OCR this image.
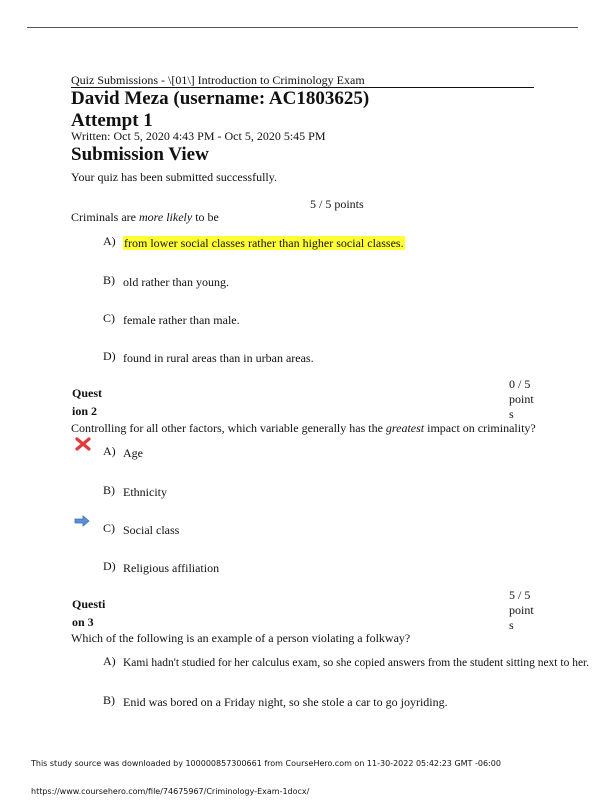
Quiz Submissions - \[01\] Introduction to Criminology Exam
David Meza (username: AC1803625)
Attempt 1
Written: Oct 5, 2020 4:43 PM - Oct 5, 2020 5:45 PM
Submission View
Your quiz has been submitted successfully.
5 / 5 points
Criminals are more likely to be
A) from lower social classes rather than higher social classes.
B) old rather than young.
C) female rather than male.
D) found in rural areas than in urban areas.
Quest
ion 2
0 / 5
point
s
Controlling for all other factors, which variable generally has the greatest impact on criminality?
A) Age
B) Ethnicity
C) Social class
D) Religious affiliation
Questi
on 3
5 / 5
point
s
Which of the following is an example of a person violating a folkway?
A) Kami hadn't studied for her calculus exam, so she copied answers from the student sitting next to her.
B) Enid was bored on a Friday night, so she stole a car to go joyriding.
This study source was downloaded by 100000857300661 from CourseHero.com on 11-30-2022 05:42:23 GMT -06:00
https://www.coursehero.com/file/74675967/Criminology-Exam-1docx/
